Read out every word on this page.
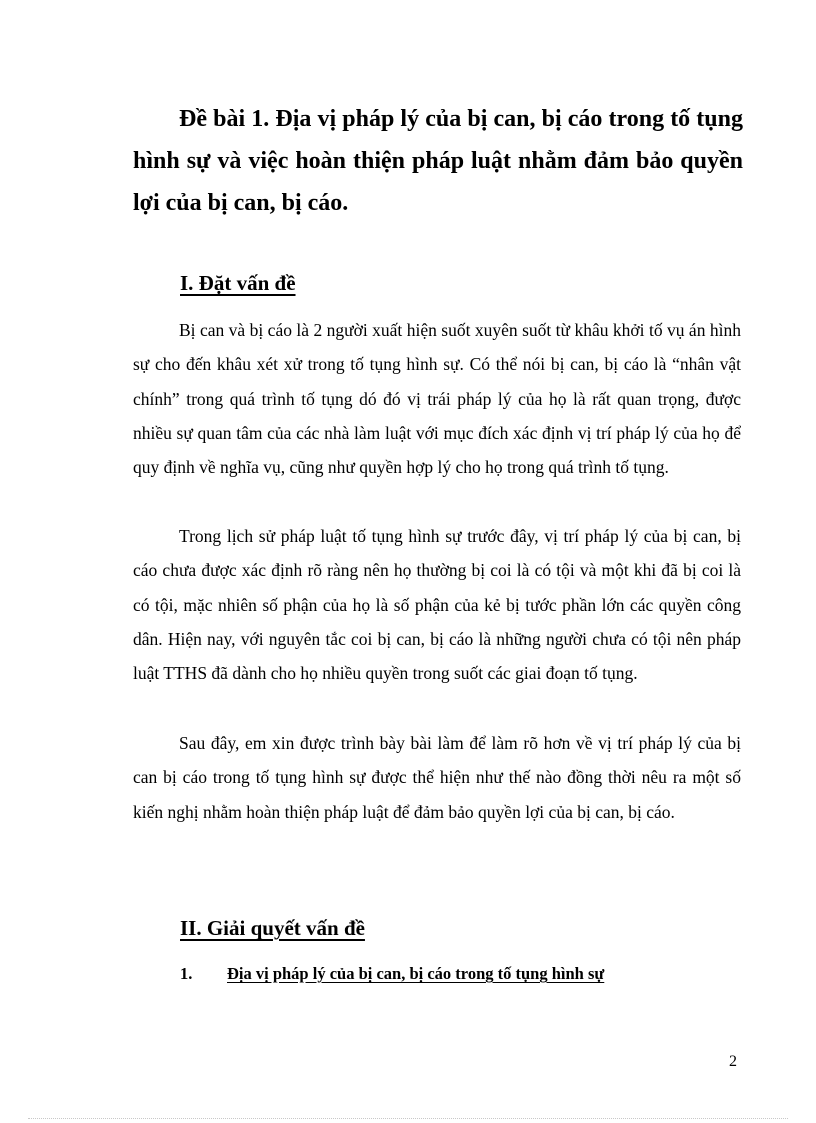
Đề bài 1. Địa vị pháp lý của bị can, bị cáo trong tố tụng hình sự và việc hoàn thiện pháp luật nhằm đảm bảo quyền lợi của bị can, bị cáo.

I. Đặt vấn đề

Bị can và bị cáo là 2 người xuất hiện suốt xuyên suốt từ khâu khởi tố vụ án hình sự cho đến khâu xét xử trong tố tụng hình sự. Có thể nói bị can, bị cáo là “nhân vật chính” trong quá trình tố tụng dó đó vị trái pháp lý của họ là rất quan trọng, được nhiều sự quan tâm của các nhà làm luật với mục đích xác định vị trí pháp lý của họ để quy định về nghĩa vụ, cũng như quyền hợp lý cho họ trong quá trình tố tụng.

Trong lịch sử pháp luật tố tụng hình sự trước đây, vị trí pháp lý của bị can, bị cáo chưa được xác định rõ ràng nên họ thường bị coi là có tội và một khi đã bị coi là có tội, mặc nhiên số phận của họ là số phận của kẻ bị tước phần lớn các quyền công dân. Hiện nay, với nguyên tắc coi bị can, bị cáo là những người chưa có tội nên pháp luật TTHS đã dành cho họ nhiều quyền trong suốt các giai đoạn tố tụng.

Sau đây, em xin được trình bày bài làm để làm rõ hơn về vị trí pháp lý của bị can bị cáo trong tố tụng hình sự được thể hiện như thế nào đồng thời nêu ra một số kiến nghị nhằm hoàn thiện pháp luật để đảm bảo quyền lợi của bị can, bị cáo.

II. Giải quyết vấn đề

1. Địa vị pháp lý của bị can, bị cáo trong tố tụng hình sự

2
